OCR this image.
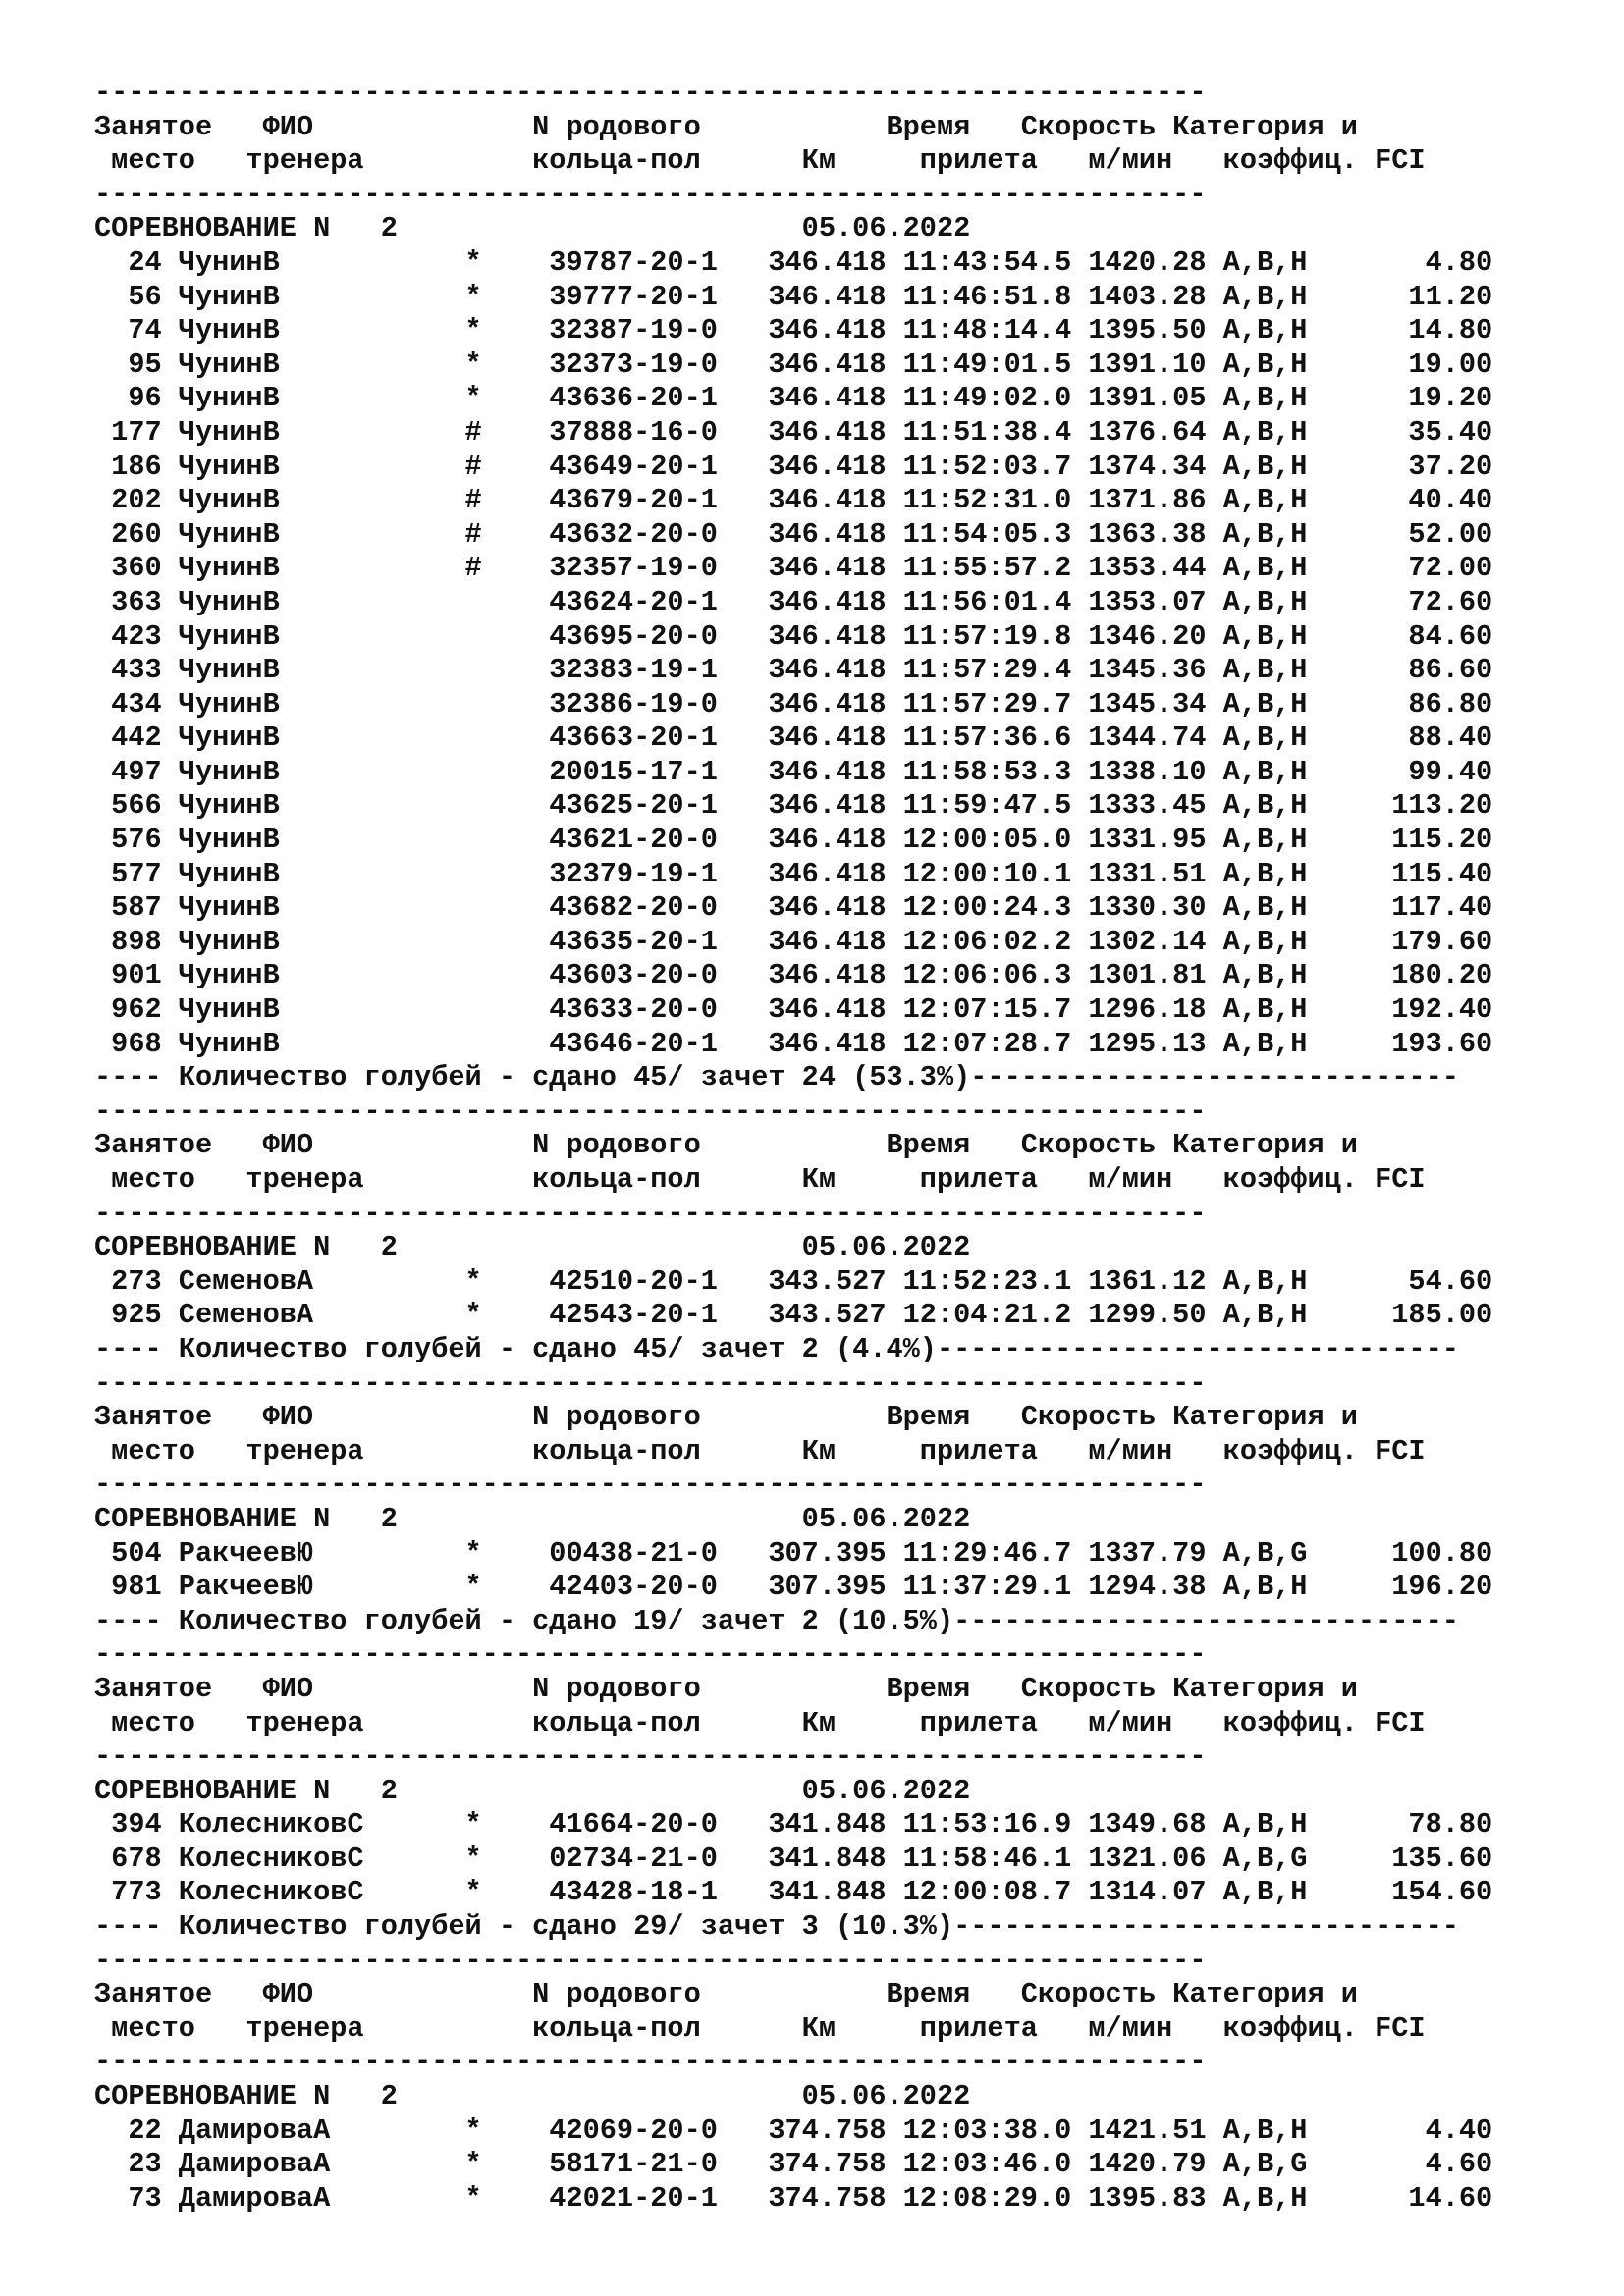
------------------------------------------------------------------
Занятое   ФИО             N родового           Время   Скорость Категория и
место   тренера          кольца-пол      Км     прилета   м/мин   коэффиц. FCI
------------------------------------------------------------------
СОРЕВНОВАНИЕ N   2                        05.06.2022
24 ЧунинВ           *    39787-20-1   346.418 11:43:54.5 1420.28 A,B,H       4.80
56 ЧунинВ           *    39777-20-1   346.418 11:46:51.8 1403.28 A,B,H      11.20
74 ЧунинВ           *    32387-19-0   346.418 11:48:14.4 1395.50 A,B,H      14.80
95 ЧунинВ           *    32373-19-0   346.418 11:49:01.5 1391.10 A,B,H      19.00
96 ЧунинВ           *    43636-20-1   346.418 11:49:02.0 1391.05 A,B,H      19.20
177 ЧунинВ           #    37888-16-0   346.418 11:51:38.4 1376.64 A,B,H      35.40
186 ЧунинВ           #    43649-20-1   346.418 11:52:03.7 1374.34 A,B,H      37.20
202 ЧунинВ           #    43679-20-1   346.418 11:52:31.0 1371.86 A,B,H      40.40
260 ЧунинВ           #    43632-20-0   346.418 11:54:05.3 1363.38 A,B,H      52.00
360 ЧунинВ           #    32357-19-0   346.418 11:55:57.2 1353.44 A,B,H      72.00
363 ЧунинВ                43624-20-1   346.418 11:56:01.4 1353.07 A,B,H      72.60
423 ЧунинВ                43695-20-0   346.418 11:57:19.8 1346.20 A,B,H      84.60
433 ЧунинВ                32383-19-1   346.418 11:57:29.4 1345.36 A,B,H      86.60
434 ЧунинВ                32386-19-0   346.418 11:57:29.7 1345.34 A,B,H      86.80
442 ЧунинВ                43663-20-1   346.418 11:57:36.6 1344.74 A,B,H      88.40
497 ЧунинВ                20015-17-1   346.418 11:58:53.3 1338.10 A,B,H      99.40
566 ЧунинВ                43625-20-1   346.418 11:59:47.5 1333.45 A,B,H     113.20
576 ЧунинВ                43621-20-0   346.418 12:00:05.0 1331.95 A,B,H     115.20
577 ЧунинВ                32379-19-1   346.418 12:00:10.1 1331.51 A,B,H     115.40
587 ЧунинВ                43682-20-0   346.418 12:00:24.3 1330.30 A,B,H     117.40
898 ЧунинВ                43635-20-1   346.418 12:06:02.2 1302.14 A,B,H     179.60
901 ЧунинВ                43603-20-0   346.418 12:06:06.3 1301.81 A,B,H     180.20
962 ЧунинВ                43633-20-0   346.418 12:07:15.7 1296.18 A,B,H     192.40
968 ЧунинВ                43646-20-1   346.418 12:07:28.7 1295.13 A,B,H     193.60
---- Количество голубей - сдано 45/ зачет 24 (53.3%)-----------------------------
------------------------------------------------------------------
Занятое   ФИО             N родового           Время   Скорость Категория и
место   тренера          кольца-пол      Км     прилета   м/мин   коэффиц. FCI
------------------------------------------------------------------
СОРЕВНОВАНИЕ N   2                        05.06.2022
273 СеменовА         *    42510-20-1   343.527 11:52:23.1 1361.12 A,B,H      54.60
925 СеменовА         *    42543-20-1   343.527 12:04:21.2 1299.50 A,B,H     185.00
---- Количество голубей - сдано 45/ зачет 2 (4.4%)-------------------------------
------------------------------------------------------------------
Занятое   ФИО             N родового           Время   Скорость Категория и
место   тренера          кольца-пол      Км     прилета   м/мин   коэффиц. FCI
------------------------------------------------------------------
СОРЕВНОВАНИЕ N   2                        05.06.2022
504 РакчеевЮ         *    00438-21-0   307.395 11:29:46.7 1337.79 A,B,G     100.80
981 РакчеевЮ         *    42403-20-0   307.395 11:37:29.1 1294.38 A,B,H     196.20
---- Количество голубей - сдано 19/ зачет 2 (10.5%)------------------------------
------------------------------------------------------------------
Занятое   ФИО             N родового           Время   Скорость Категория и
место   тренера          кольца-пол      Км     прилета   м/мин   коэффиц. FCI
------------------------------------------------------------------
СОРЕВНОВАНИЕ N   2                        05.06.2022
394 КолесниковС      *    41664-20-0   341.848 11:53:16.9 1349.68 A,B,H      78.80
678 КолесниковС      *    02734-21-0   341.848 11:58:46.1 1321.06 A,B,G     135.60
773 КолесниковС      *    43428-18-1   341.848 12:00:08.7 1314.07 A,B,H     154.60
---- Количество голубей - сдано 29/ зачет 3 (10.3%)------------------------------
------------------------------------------------------------------
Занятое   ФИО             N родового           Время   Скорость Категория и
место   тренера          кольца-пол      Км     прилета   м/мин   коэффиц. FCI
------------------------------------------------------------------
СОРЕВНОВАНИЕ N   2                        05.06.2022
22 ДамироваА        *    42069-20-0   374.758 12:03:38.0 1421.51 A,B,H       4.40
23 ДамироваА        *    58171-21-0   374.758 12:03:46.0 1420.79 A,B,G       4.60
73 ДамироваА        *    42021-20-1   374.758 12:08:29.0 1395.83 A,B,H      14.60
